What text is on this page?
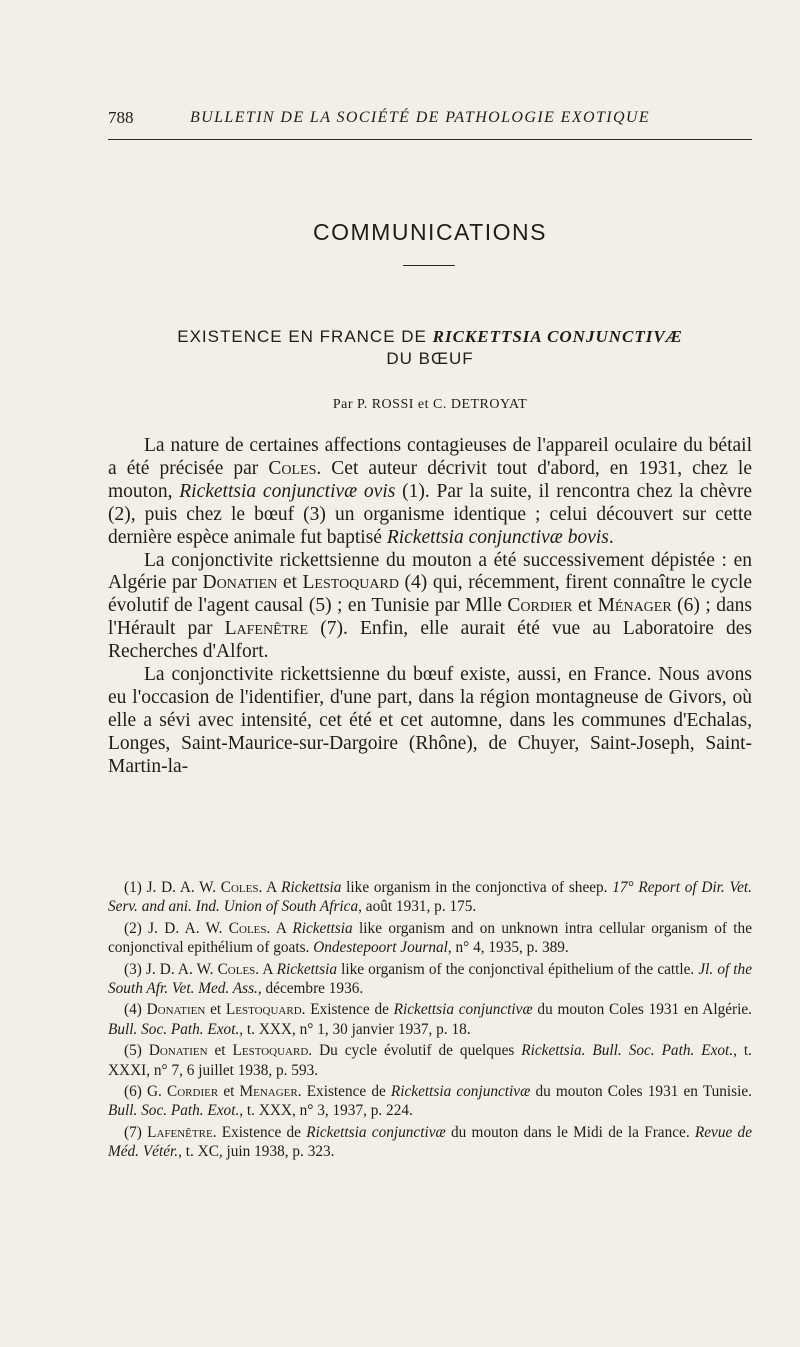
788	BULLETIN DE LA SOCIÉTÉ DE PATHOLOGIE EXOTIQUE
COMMUNICATIONS
EXISTENCE EN FRANCE DE RICKETTSIA CONJUNCTIVÆ
DU BŒUF
Par P. ROSSI et C. DETROYAT

La nature de certaines affections contagieuses de l'appareil oculaire du bétail a été précisée par Coles. Cet auteur décrivit tout d'abord, en 1931, chez le mouton, Rickettsia conjunctivæ ovis (1). Par la suite, il rencontra chez la chèvre (2), puis chez le bœuf (3) un organisme identique ; celui découvert sur cette dernière espèce animale fut baptisé Rickettsia conjunctivæ bovis.

La conjonctivite rickettsienne du mouton a été successivement dépistée : en Algérie par Donatien et Lestoquard (4) qui, récemment, firent connaître le cycle évolutif de l'agent causal (5) ; en Tunisie par Mlle Cordier et Ménager (6) ; dans l'Hérault par Lafenêtre (7). Enfin, elle aurait été vue au Laboratoire des Recherches d'Alfort.

La conjonctivite rickettsienne du bœuf existe, aussi, en France. Nous avons eu l'occasion de l'identifier, d'une part, dans la région montagneuse de Givors, où elle a sévi avec intensité, cet été et cet automne, dans les communes d'Echalas, Longes, Saint-Maurice-sur-Dargoire (Rhône), de Chuyer, Saint-Joseph, Saint-Martin-la-

(1) J. D. A. W. Coles. A Rickettsia like organism in the conjonctiva of sheep. 17° Report of Dir. Vet. Serv. and ani. Ind. Union of South Africa, août 1931, p. 175.

(2) J. D. A. W. Coles. A Rickettsia like organism and on unknown intra cellular organism of the conjonctival epithélium of goats. Ondestepoort Journal, n° 4, 1935, p. 389.

(3) J. D. A. W. Coles. A Rickettsia like organism of the conjonctival épithelium of the cattle. Jl. of the South Afr. Vet. Med. Ass., décembre 1936.

(4) Donatien et Lestoquard. Existence de Rickettsia conjunctivæ du mouton Coles 1931 en Algérie. Bull. Soc. Path. Exot., t. XXX, n° 1, 30 janvier 1937, p. 18.

(5) Donatien et Lestoquard. Du cycle évolutif de quelques Rickettsia. Bull. Soc. Path. Exot., t. XXXI, n° 7, 6 juillet 1938, p. 593.

(6) G. Cordier et Menager. Existence de Rickettsia conjunctivæ du mouton Coles 1931 en Tunisie. Bull. Soc. Path. Exot., t. XXX, n° 3, 1937, p. 224.

(7) Lafenêtre. Existence de Rickettsia conjunctivæ du mouton dans le Midi de la France. Revue de Méd. Vétér., t. XC, juin 1938, p. 323.
